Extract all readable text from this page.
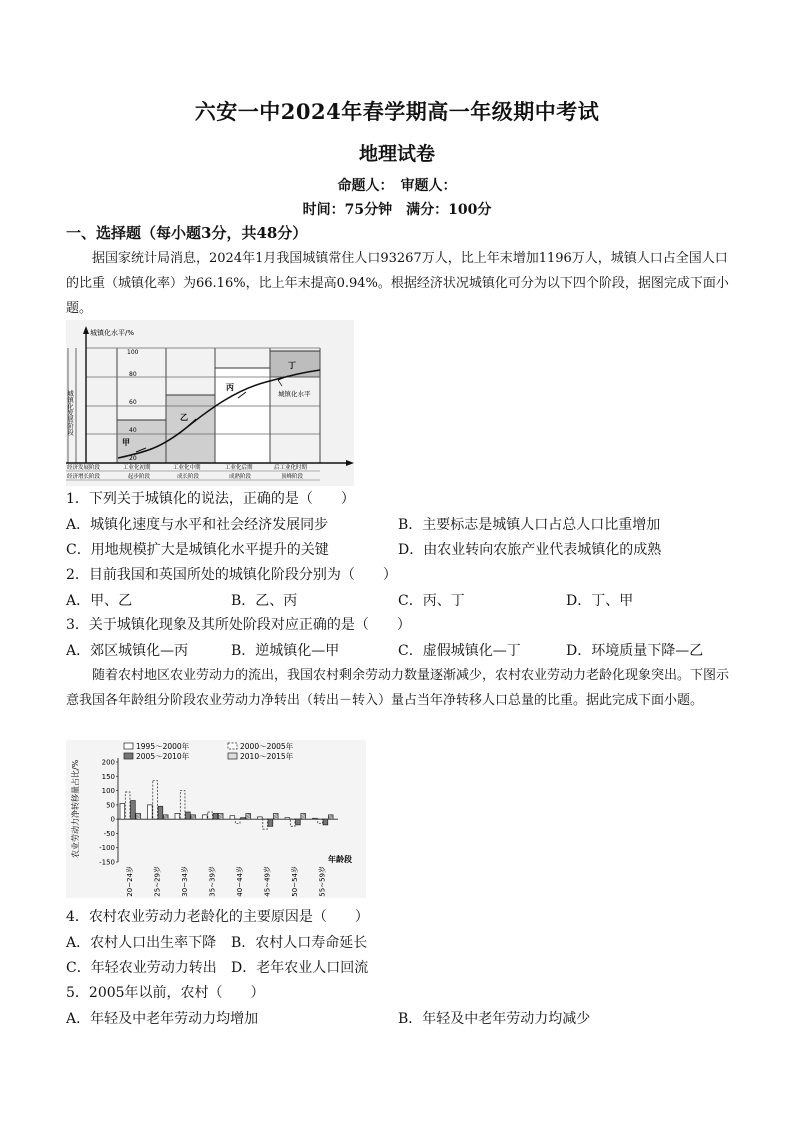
六安一中2024年春学期高一年级期中考试
地理试卷
命题人：　审题人：
时间：75分钟　满分：100分
一、选择题（每小题3分，共48分）
据国家统计局消息，2024年1月我国城镇常住人口93267万人，比上年末增加1196万人，城镇人口占全国人口的比重（城镇化率）为66.16%，比上年末提高0.94%。根据经济状况城镇化可分为以下四个阶段，据图完成下面小题。
城镇化水平/%
城镇化发展阶段
100
80
60
40
20
甲
乙
丙
丁
城镇化水平
经济发展阶段	工业化初期	工业化中期	工业化后期	后工业化时期
经济增长阶段	起步阶段	成长阶段	成熟阶段	顶峰阶段
1．下列关于城镇化的说法，正确的是（　　）
A．城镇化速度与水平和社会经济发展同步	B．主要标志是城镇人口占总人口比重增加
C．用地规模扩大是城镇化水平提升的关键	D．由农业转向农旅产业代表城镇化的成熟
2．目前我国和英国所处的城镇化阶段分别为（　　）
A．甲、乙	B．乙、丙	C．丙、丁	D．丁、甲
3．关于城镇化现象及其所处阶段对应正确的是（　　）
A．郊区城镇化—丙	B．逆城镇化—甲	C．虚假城镇化—丁	D．环境质量下降—乙
随着农村地区农业劳动力的流出，我国农村剩余劳动力数量逐渐减少，农村农业劳动力老龄化现象突出。下图示意我国各年龄组分阶段农业劳动力净转出（转出－转入）量占当年净转移人口总量的比重。据此完成下面小题。
农业劳动力净转移量占比/%	200
150
100
50
0
-50
-100
-150
1995～2000年	2000～2005年
2005～2010年	2010～2015年
20~24岁	25~29岁	30~34岁	35~39岁	40~44岁	45~49岁	50~54岁	55~59岁
年龄段
4．农村农业劳动力老龄化的主要原因是（　　）
A．农村人口出生率下降 B．农村人口寿命延长
C．年轻农业劳动力转出 D．老年农业人口回流
5．2005年以前，农村（　　）
A．年轻及中老年劳动力均增加	B．年轻及中老年劳动力均减少
